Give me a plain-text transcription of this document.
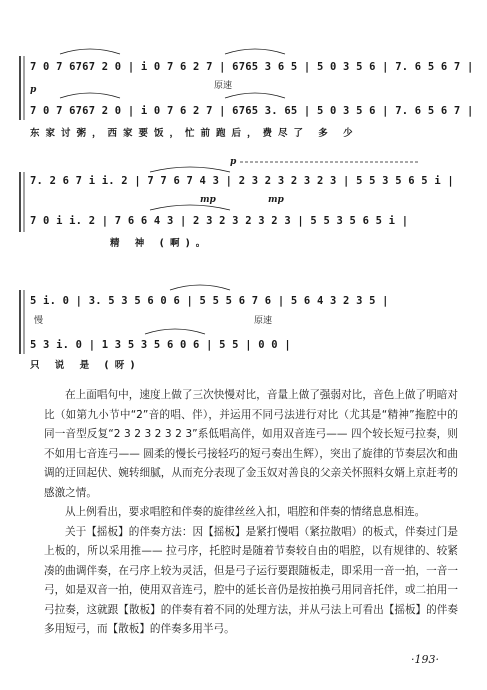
7 0 7 6767 2 0 | i 0 7 6 2 7 | 6765 3 6 5 | 5 0 3 5 6 | 7. 6 5 6 7 |
p	原速
7 0 7 6767 2 0 | i 0 7 6 2 7 | 6765 3. 65 | 5 0 3 5 6 | 7. 6 5 6 7 |
东家讨粥，西家要饭，忙前跑后，费尽了 多 少
p
7. 2 6 7 i i. 2 | 7 7 6 7 4 3 | 2 3 2 3 2 3 2 3 | 5 5 3 5 6 5 i |
mp	mp
7 0 i i. 2 | 7 6 6 4 3 | 2 3 2 3 2 3 2 3 | 5 5 3 5 6 5 i |
精 神 (啊)。
5 i. 0 | 3. 5 3 5 6 0 6 | 5 5 5 6 7 6 | 5 6 4 3 2 3 5 |
慢	原速
5 3 i. 0 | 1 3 5 3 5 6 0 6 | 5 5 | 0 0 |
只 说 是 (呀)

在上面唱句中，速度上做了三次快慢对比，音量上做了强弱对比，音色上做了明暗对比（如第九小节中“2̇”音的唱、伴），并运用不同弓法进行对比（尤其是“精神”拖腔中的同一音型反复“2 3 2 3 2 3 2 3”系低唱高伴，如用双音连弓—— 四个较长短弓拉奏，则不如用七音连弓—— 圆柔的慢长弓接轻巧的短弓奏出生辉），突出了旋律的节奏层次和曲调的迂回起伏、婉转细腻，从而充分表现了金玉奴对善良的父亲关怀照料女婿上京赶考的感激之情。

从上例看出，要求唱腔和伴奏的旋律丝丝入扣，唱腔和伴奏的情绪息息相连。

关于【摇板】的伴奏方法：因【摇板】是紧打慢唱（紧拉散唱）的板式，伴奏过门是上板的，所以采用推—— 拉弓序，托腔时是随着节奏较自由的唱腔，以有规律的、较紧凑的曲调伴奏，在弓序上较为灵活，但是弓子运行要跟随板走，即采用一音一拍，一音一弓，如是双音一拍，使用双音连弓，腔中的延长音仍是按拍换弓用同音托伴，或二拍用一弓拉奏，这就跟【散板】的伴奏有着不同的处理方法，并从弓法上可看出【摇板】的伴奏多用短弓，而【散板】的伴奏多用半弓。

·193·
